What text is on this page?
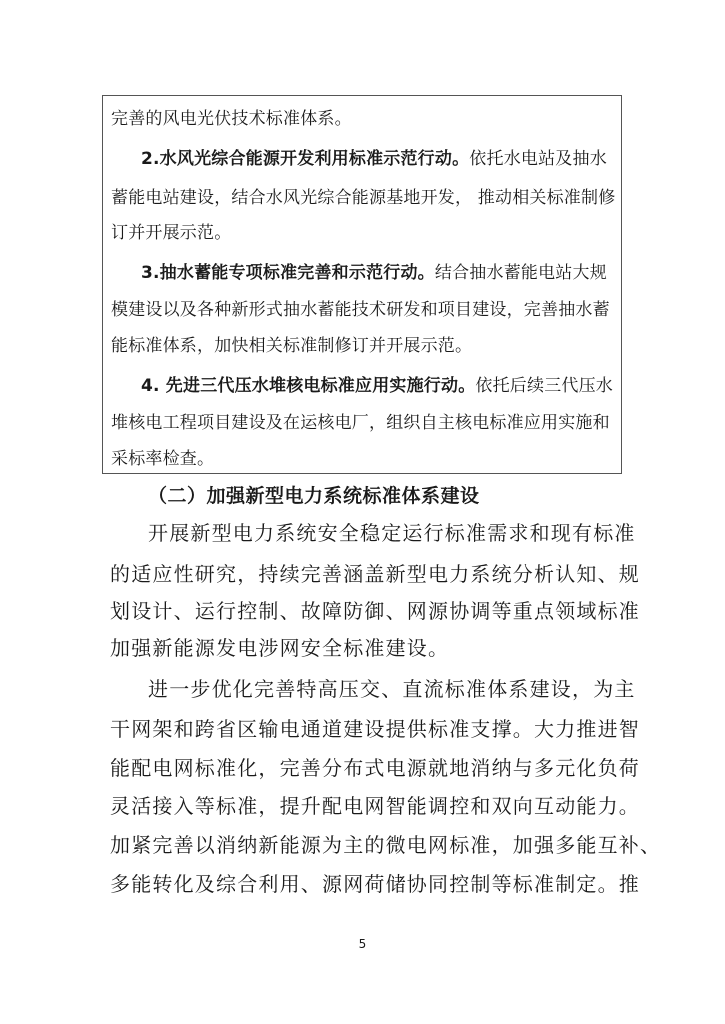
完善的风电光伏技术标准体系。
2.水风光综合能源开发利用标准示范行动。依托水电站及抽水
蓄能电站建设，结合水风光综合能源基地开发， 推动相关标准制修
订并开展示范。
3.抽水蓄能专项标准完善和示范行动。结合抽水蓄能电站大规
模建设以及各种新形式抽水蓄能技术研发和项目建设，完善抽水蓄
能标准体系，加快相关标准制修订并开展示范。
4. 先进三代压水堆核电标准应用实施行动。依托后续三代压水
堆核电工程项目建设及在运核电厂，组织自主核电标准应用实施和
采标率检查。
（二）加强新型电力系统标准体系建设
开展新型电力系统安全稳定运行标准需求和现有标准
的适应性研究，持续完善涵盖新型电力系统分析认知、规
划设计、运行控制、故障防御、网源协调等重点领域标准
加强新能源发电涉网安全标准建设。
进一步优化完善特高压交、直流标准体系建设，为主
干网架和跨省区输电通道建设提供标准支撑。大力推进智
能配电网标准化，完善分布式电源就地消纳与多元化负荷
灵活接入等标准，提升配电网智能调控和双向互动能力。
加紧完善以消纳新能源为主的微电网标准，加强多能互补、
多能转化及综合利用、源网荷储协同控制等标准制定。推
5
